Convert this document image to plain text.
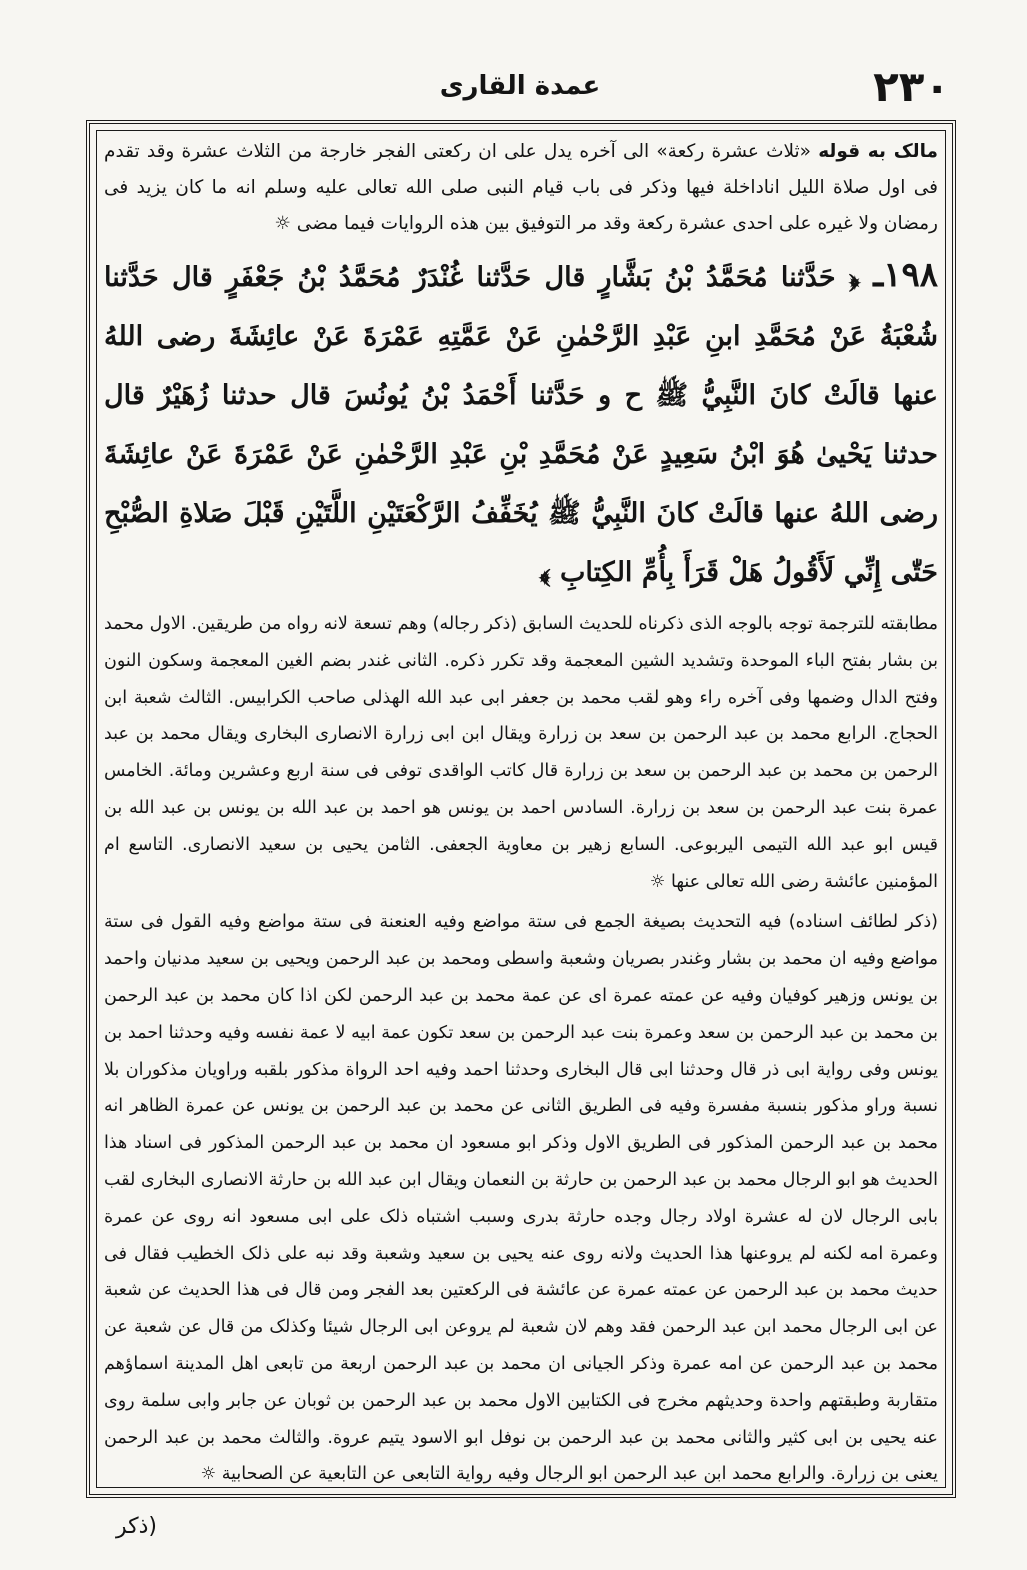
۲۳۰
عمدة القاری

مالک به قوله «ثلاث عشرة رکعة» الی آخره یدل علی ان رکعتی الفجر خارجة من الثلاث عشرة وقد تقدم فی اول صلاة اللیل اناداخلة فیها وذکر فی باب قیام النبی صلی الله تعالی علیه وسلم انه ما کان یزید فی رمضان ولا غیره علی احدی عشرة رکعة وقد مر التوفیق بین هذه الروایات فیما مضی ☼

١٩٨ـ ﴿ حَدَّثنا مُحَمَّدُ بْنُ بَشَّارٍ قال حَدَّثنا غُنْدَرٌ مُحَمَّدُ بْنُ جَعْفَرٍ قال حَدَّثنا شُعْبَةُ عَنْ مُحَمَّدِ ابنِ عَبْدِ الرَّحْمٰنِ عَنْ عَمَّتِهِ عَمْرَةَ عَنْ عائِشَةَ رضی اللهُ عنها قالَتْ كانَ النَّبِيُّ ﷺ ح و حَدَّثنا أَحْمَدُ بْنُ يُونُسَ قال حدثنا زُهَيْرٌ قال حدثنا يَحْيىٰ هُوَ ابْنُ سَعِيدٍ عَنْ مُحَمَّدِ بْنِ عَبْدِ الرَّحْمٰنِ عَنْ عَمْرَةَ عَنْ عائِشَةَ رضی اللهُ عنها قالَتْ كانَ النَّبِيُّ ﷺ يُخَفِّفُ الرَّكْعَتَيْنِ اللَّتَيْنِ قَبْلَ صَلاةِ الصُّبْحِ حَتّٰى إِنِّي لَأَقُولُ هَلْ قَرَأَ بِأُمِّ الكِتابِ ﴾

مطابقته للترجمة توجه بالوجه الذی ذکرناه للحدیث السابق (ذکر رجاله) وهم تسعة لانه رواه من طریقین. الاول محمد بن بشار بفتح الباء الموحدة وتشدید الشین المعجمة وقد تکرر ذکره. الثانی غندر بضم الغین المعجمة وسکون النون وفتح الدال وضمها وفی آخره راء وهو لقب محمد بن جعفر ابی عبد الله الهذلی صاحب الکرابیس. الثالث شعبة ابن الحجاج. الرابع محمد بن عبد الرحمن بن سعد بن زرارة ویقال ابن ابی زرارة الانصاری البخاری ویقال محمد بن عبد الرحمن بن محمد بن عبد الرحمن بن سعد بن زرارة قال کاتب الواقدی توفی فی سنة اربع وعشرین ومائة. الخامس عمرة بنت عبد الرحمن بن سعد بن زرارة. السادس احمد بن یونس هو احمد بن عبد الله بن یونس بن عبد الله بن قیس ابو عبد الله التیمی الیربوعی. السابع زهیر بن معاویة الجعفی. الثامن یحیی بن سعید الانصاری. التاسع ام المؤمنین عائشة رضی الله تعالی عنها ☼

(ذکر لطائف اسناده) فیه التحدیث بصیغة الجمع فی ستة مواضع وفیه العنعنة فی ستة مواضع وفیه القول فی ستة مواضع وفیه ان محمد بن بشار وغندر بصریان وشعبة واسطی ومحمد بن عبد الرحمن ویحیی بن سعید مدنیان واحمد بن یونس وزهیر کوفیان وفیه عن عمته عمرة ای عن عمة محمد بن عبد الرحمن لکن اذا کان محمد بن عبد الرحمن بن محمد بن عبد الرحمن بن سعد وعمرة بنت عبد الرحمن بن سعد تکون عمة ابیه لا عمة نفسه وفیه وحدثنا احمد بن یونس وفی روایة ابی ذر قال وحدثنا ابی قال البخاری وحدثنا احمد وفیه احد الرواة مذکور بلقبه وراویان مذکوران بلا نسبة وراو مذکور بنسبة مفسرة وفیه فی الطریق الثانی عن محمد بن عبد الرحمن بن یونس عن عمرة الظاهر انه محمد بن عبد الرحمن المذکور فی الطریق الاول وذکر ابو مسعود ان محمد بن عبد الرحمن المذکور فی اسناد هذا الحدیث هو ابو الرجال محمد بن عبد الرحمن بن حارثة بن النعمان ویقال ابن عبد الله بن حارثة الانصاری البخاری لقب بابی الرجال لان له عشرة اولاد رجال وجده حارثة بدری وسبب اشتباه ذلک علی ابی مسعود انه روی عن عمرة وعمرة امه لکنه لم یروعنها هذا الحدیث ولانه روی عنه یحیی بن سعید وشعبة وقد نبه علی ذلک الخطیب فقال فی حدیث محمد بن عبد الرحمن عن عمته عمرة عن عائشة فی الرکعتین بعد الفجر ومن قال فی هذا الحدیث عن شعبة عن ابی الرجال محمد ابن عبد الرحمن فقد وهم لان شعبة لم یروعن ابی الرجال شیئا وکذلک من قال عن شعبة عن محمد بن عبد الرحمن عن امه عمرة وذکر الجیانی ان محمد بن عبد الرحمن اربعة من تابعی اهل المدینة اسماؤهم متقاربة وطبقتهم واحدة وحدیثهم مخرج فی الکتابین الاول محمد بن عبد الرحمن بن ثوبان عن جابر وابی سلمة روی عنه یحیی بن ابی کثیر والثانی محمد بن عبد الرحمن بن نوفل ابو الاسود یتیم عروة. والثالث محمد بن عبد الرحمن یعنی بن زرارة. والرابع محمد ابن عبد الرحمن ابو الرجال وفیه روایة التابعی عن التابعیة عن الصحابیة ☼

(ذکر
